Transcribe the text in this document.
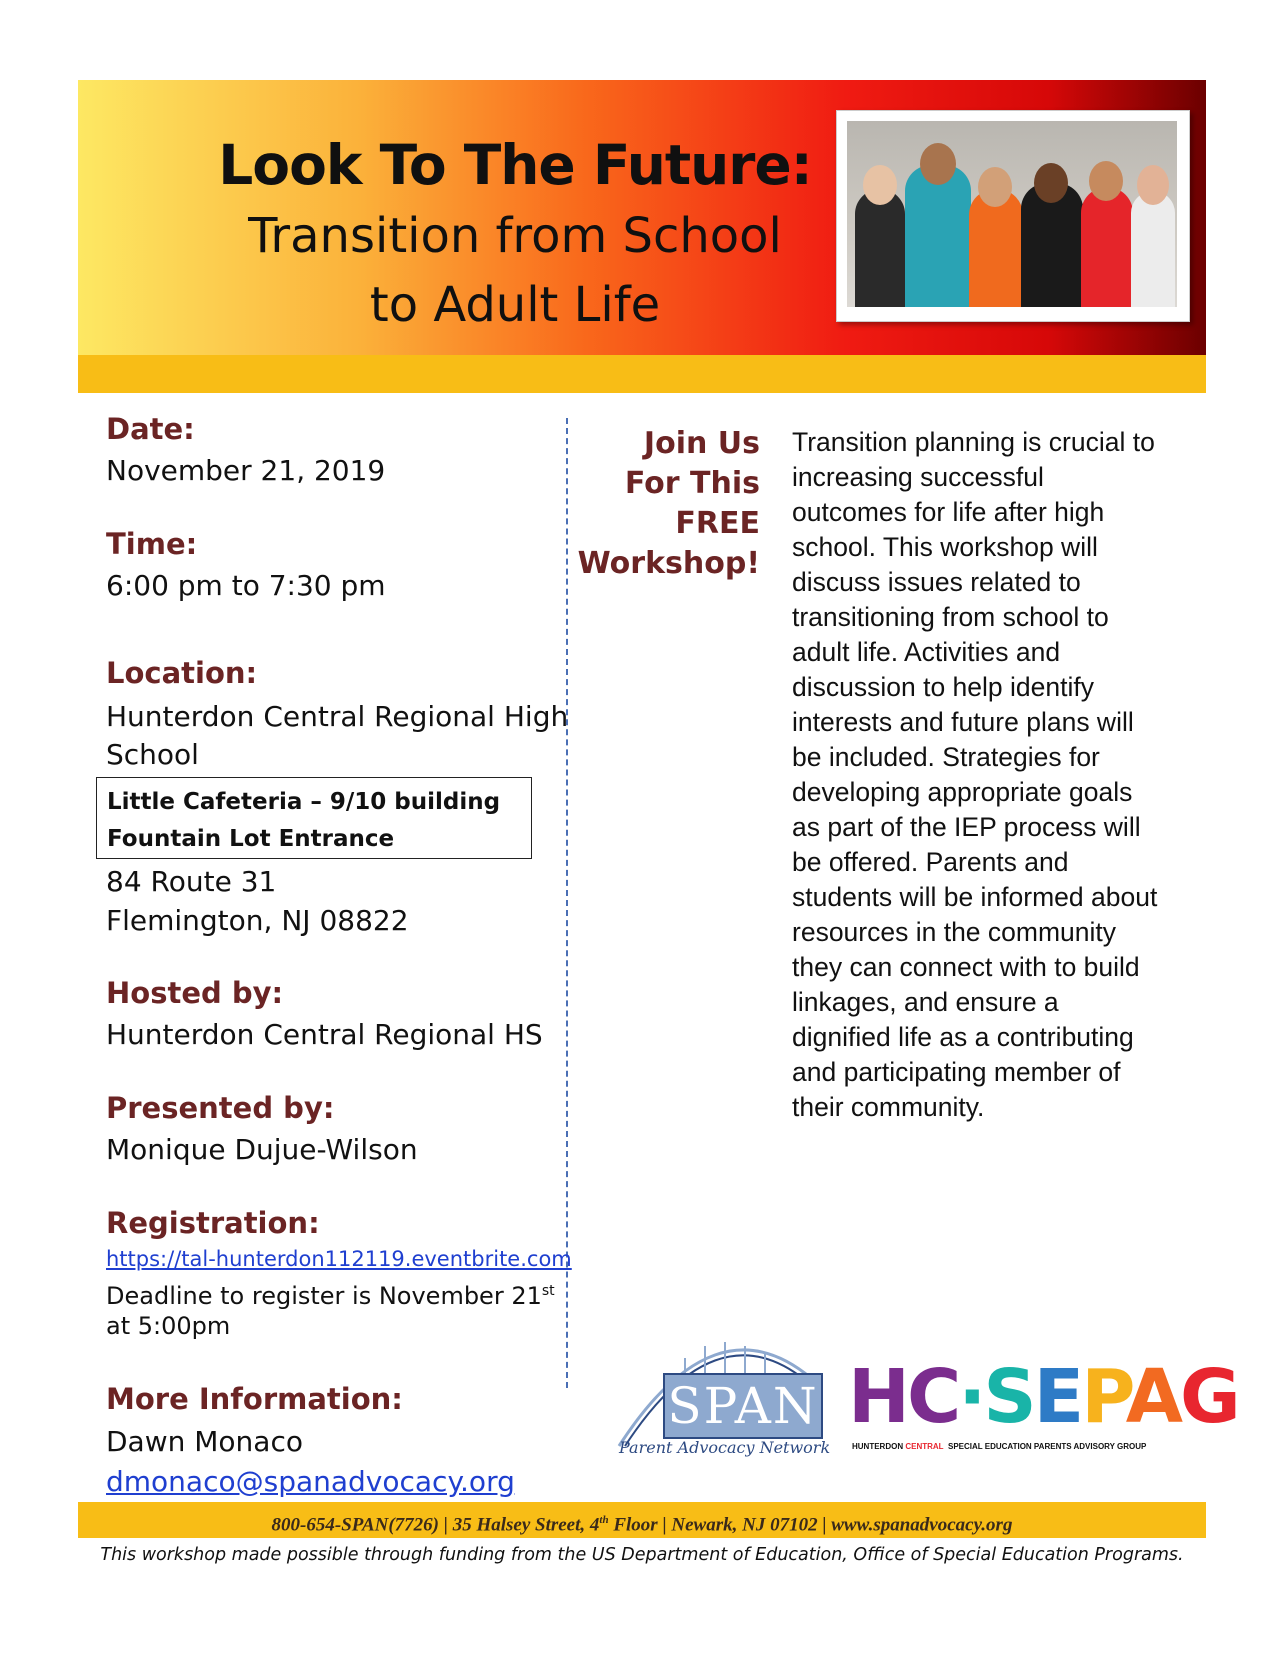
Look To The Future:
Transition from School
to Adult Life
Date:
November 21, 2019
Time:
6:00 pm to 7:30 pm
Location:
Hunterdon Central Regional High
School
Little Cafeteria – 9/10 building
Fountain Lot Entrance
84 Route 31
Flemington, NJ 08822
Hosted by:
Hunterdon Central Regional HS
Presented by:
Monique Dujue-Wilson
Registration:
https://tal-hunterdon112119.eventbrite.com
Deadline to register is November 21st
at 5:00pm
More Information:
Dawn Monaco
dmonaco@spanadvocacy.org
Join Us
For This
FREE
Workshop!
Transition planning is crucial to increasing successful outcomes for life after high school. This workshop will discuss issues related to transitioning from school to adult life. Activities and discussion to help identify interests and future plans will be included. Strategies for developing appropriate goals as part of the IEP process will be offered. Parents and students will be informed about resources in the community they can connect with to build linkages, and ensure a dignified life as a contributing and participating member of their community.
SPAN
Parent Advocacy Network
HC·SEPAG
HUNTERDON CENTRAL SPECIAL EDUCATION PARENTS ADVISORY GROUP
800-654-SPAN(7726) | 35 Halsey Street, 4th Floor | Newark, NJ 07102 | www.spanadvocacy.org
This workshop made possible through funding from the US Department of Education, Office of Special Education Programs.
